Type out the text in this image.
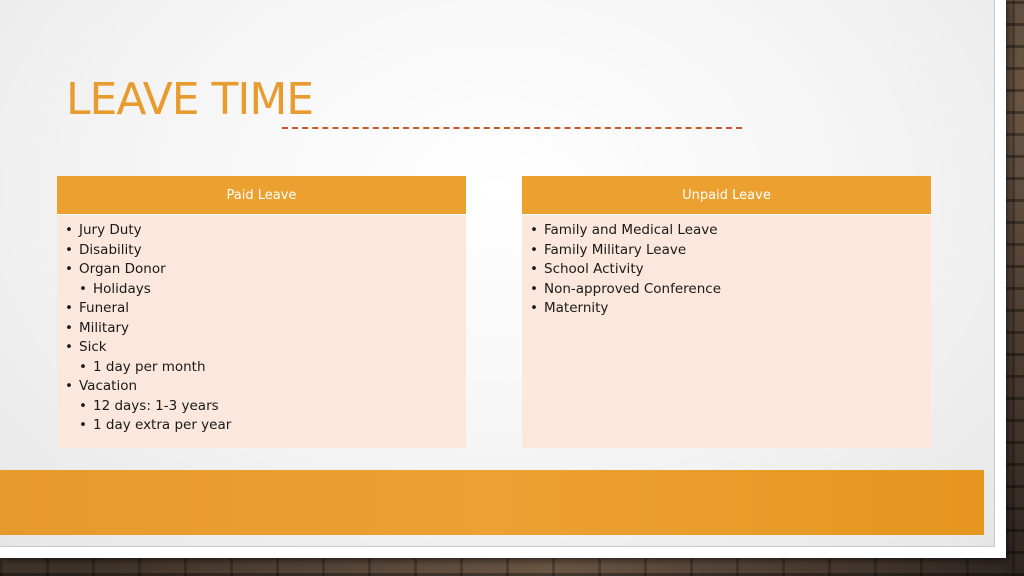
LEAVE TIME
Paid Leave
• Jury Duty
• Disability
• Organ Donor
• Holidays
• Funeral
• Military
• Sick
• 1 day per month
• Vacation
• 12 days: 1-3 years
• 1 day extra per year
Unpaid Leave
• Family and Medical Leave
• Family Military Leave
• School Activity
• Non-approved Conference
• Maternity
